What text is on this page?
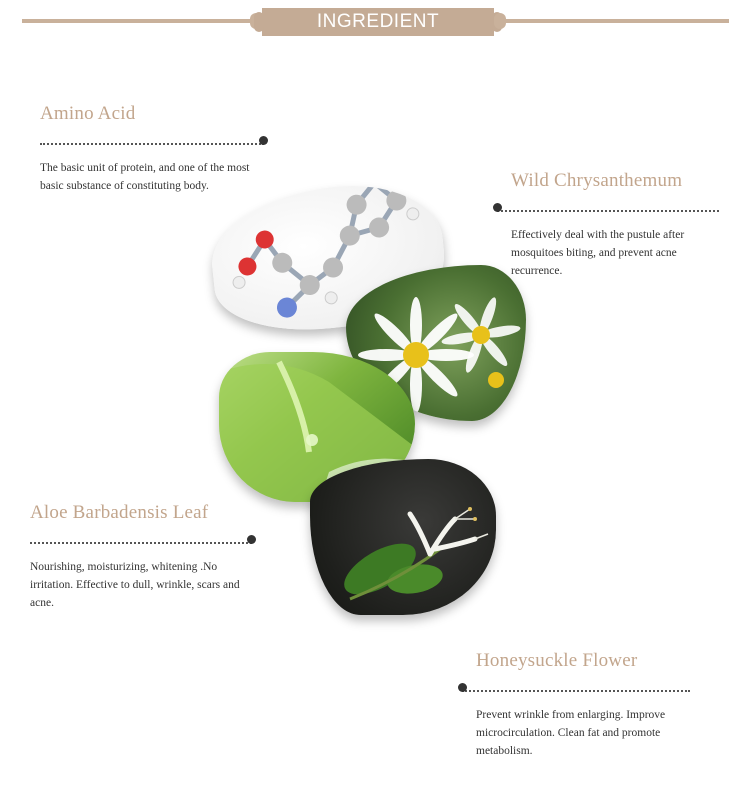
INGREDIENT
Amino Acid
The basic unit of protein, and one of the most basic substance of constituting body.	Wild Chrysanthemum
Effectively deal with the pustule after mosquitoes biting, and prevent acne recurrence.
Aloe Barbadensis Leaf
Nourishing, moisturizing, whitening .No irritation. Effective to dull, wrinkle, scars and acne.
Honeysuckle Flower
Prevent wrinkle from enlarging. Improve microcirculation. Clean fat and promote metabolism.
